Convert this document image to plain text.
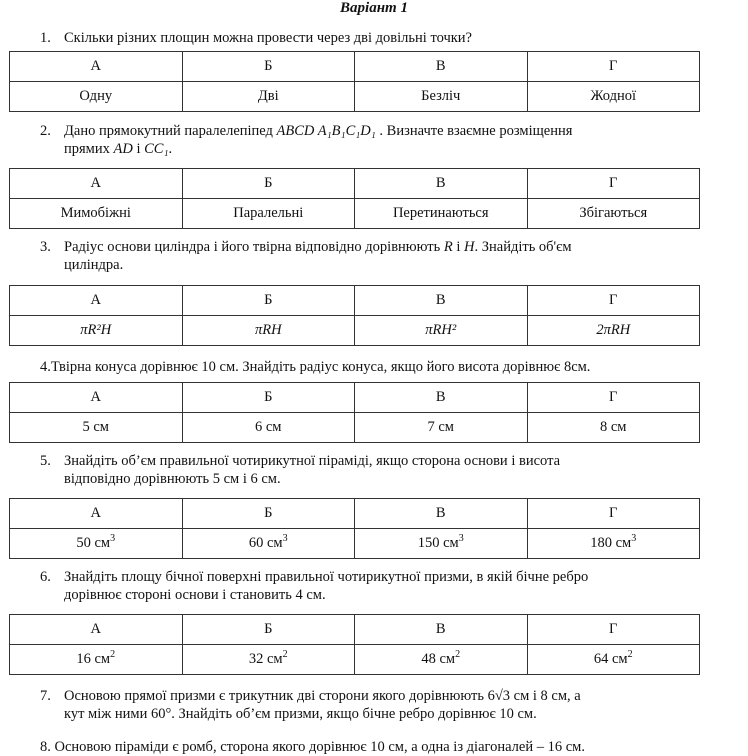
Варіант 1
1. Скільки різних площин можна провести через дві довільні точки?
А	Б	В	Г
Одну	Дві	Безліч	Жодної
2. Дано прямокутний паралелепіпед ABCD A₁B₁C₁D₁ . Визначте взаємне розміщення
прямих AD і CC₁.
А	Б	В	Г
Мимобіжні	Паралельні	Перетинаються	Збігаються
3. Радіус основи циліндра і його твірна відповідно дорівнюють R і H. Знайдіть об'єм
циліндра.
А	Б	В	Г
πR²H	πRH	πRH²	2πRH
4.Твірна конуса дорівнює 10 см. Знайдіть радіус конуса, якщо його висота дорівнює 8см.
А	Б	В	Г
5 см	6 см	7 см	8 см
5. Знайдіть об’єм правильної чотирикутної піраміді, якщо сторона основи і висота
відповідно дорівнюють 5 см і 6 см.
А	Б	В	Г
50 $см^3$	60 $см^3$	150 $см^3$	180 $см^3$
6. Знайдіть площу бічної поверхні правильної чотирикутної призми, в якій бічне ребро
дорівнює стороні основи і становить 4 см.
А	Б	В	Г
16 $см^2$	32 $см^2$	48 $см^2$	64 $см^2$
7. Основою прямої призми є трикутник дві сторони якого дорівнюють 6√3 см і 8 см, а
кут між ними 60°. Знайдіть об’єм призми, якщо бічне ребро дорівнює 10 см.
8. Основою піраміди є ромб, сторона якого дорівнює 10 см, а одна із діагоналей – 16 см.
